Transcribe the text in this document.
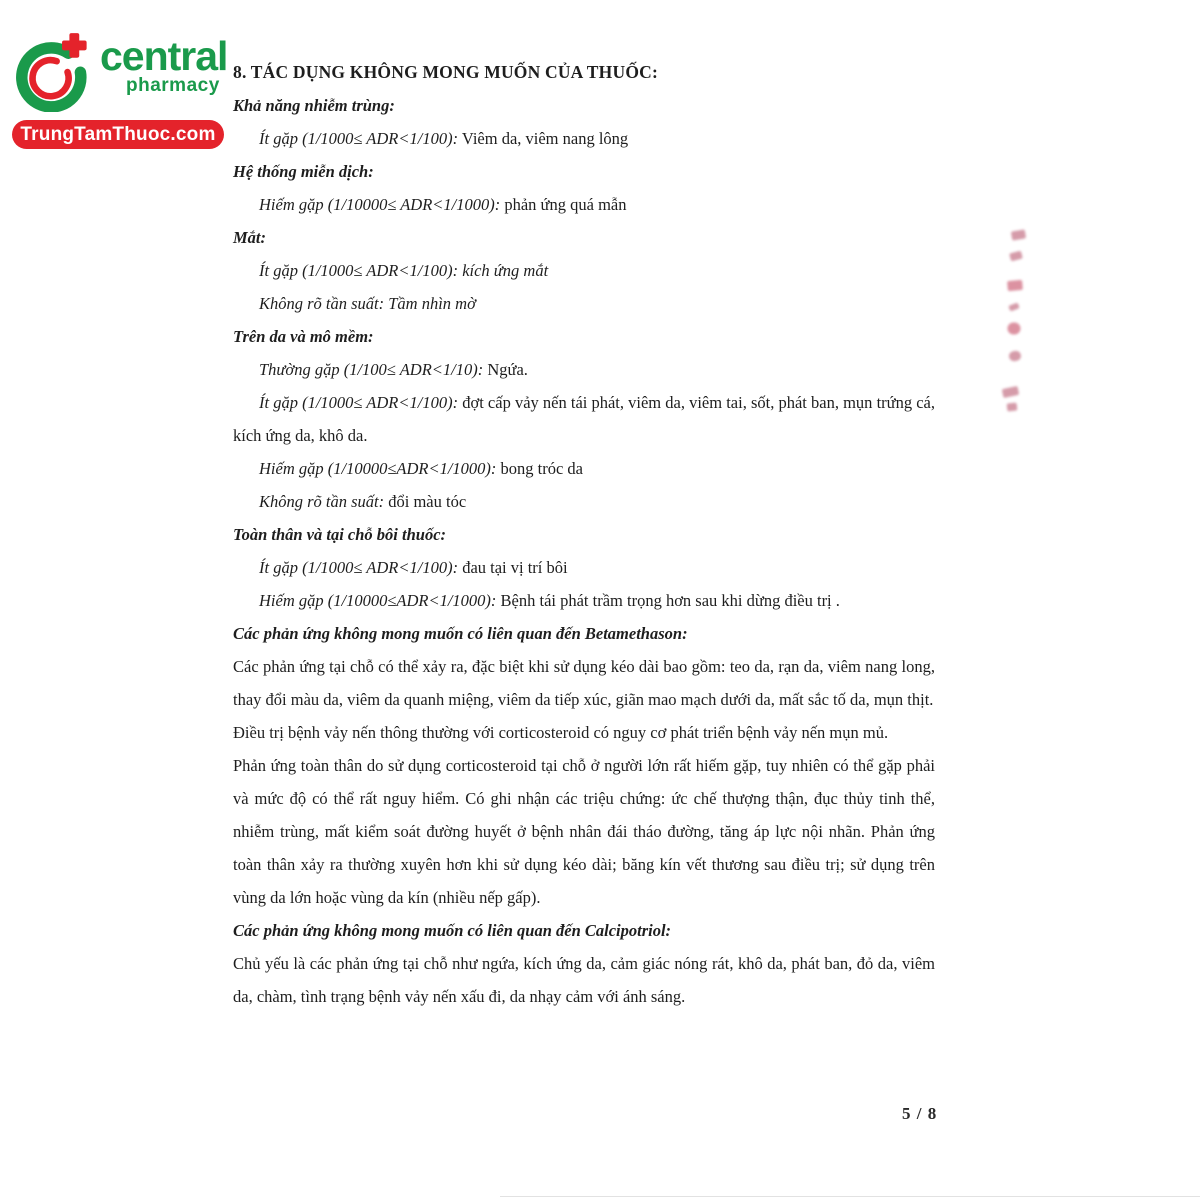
central
pharmacy
TrungTamThuoc.com
8. TÁC DỤNG KHÔNG MONG MUỐN CỦA THUỐC:
Khả năng nhiễm trùng:
Ít gặp (1/1000≤ ADR<1/100): Viêm da, viêm nang lông
Hệ thống miễn dịch:
Hiếm gặp (1/10000≤ ADR<1/1000): phản ứng quá mẫn
Mắt:
Ít gặp (1/1000≤ ADR<1/100): kích ứng mắt
Không rõ tần suất: Tầm nhìn mờ
Trên da và mô mềm:
Thường gặp (1/100≤ ADR<1/10): Ngứa.
Ít gặp (1/1000≤ ADR<1/100): đợt cấp vảy nến tái phát, viêm da, viêm tai, sốt, phát ban, mụn trứng cá, kích ứng da, khô da.
Hiếm gặp (1/10000≤ADR<1/1000): bong tróc da
Không rõ tần suất: đổi màu tóc
Toàn thân và tại chỗ bôi thuốc:
Ít gặp (1/1000≤ ADR<1/100): đau tại vị trí bôi
Hiếm gặp (1/10000≤ADR<1/1000): Bệnh tái phát trầm trọng hơn sau khi dừng điều trị .
Các phản ứng không mong muốn có liên quan đến Betamethason:
Các phản ứng tại chỗ có thể xảy ra, đặc biệt khi sử dụng kéo dài bao gồm: teo da, rạn da, viêm nang long, thay đổi màu da, viêm da quanh miệng, viêm da tiếp xúc, giãn mao mạch dưới da, mất sắc tố da, mụn thịt.
Điều trị bệnh vảy nến thông thường với corticosteroid có nguy cơ phát triển bệnh vảy nến mụn mủ.
Phản ứng toàn thân do sử dụng corticosteroid tại chỗ ở người lớn rất hiếm gặp, tuy nhiên có thể gặp phải và mức độ có thể rất nguy hiểm. Có ghi nhận các triệu chứng: ức chế thượng thận, đục thủy tinh thể, nhiễm trùng, mất kiểm soát đường huyết ở bệnh nhân đái tháo đường, tăng áp lực nội nhãn. Phản ứng toàn thân xảy ra thường xuyên hơn khi sử dụng kéo dài; băng kín vết thương sau điều trị; sử dụng trên vùng da lớn hoặc vùng da kín (nhiều nếp gấp).
Các phản ứng không mong muốn có liên quan đến Calcipotriol:
Chủ yếu là các phản ứng tại chỗ như ngứa, kích ứng da, cảm giác nóng rát, khô da, phát ban, đỏ da, viêm da, chàm, tình trạng bệnh vảy nến xấu đi, da nhạy cảm với ánh sáng.
5 / 8
